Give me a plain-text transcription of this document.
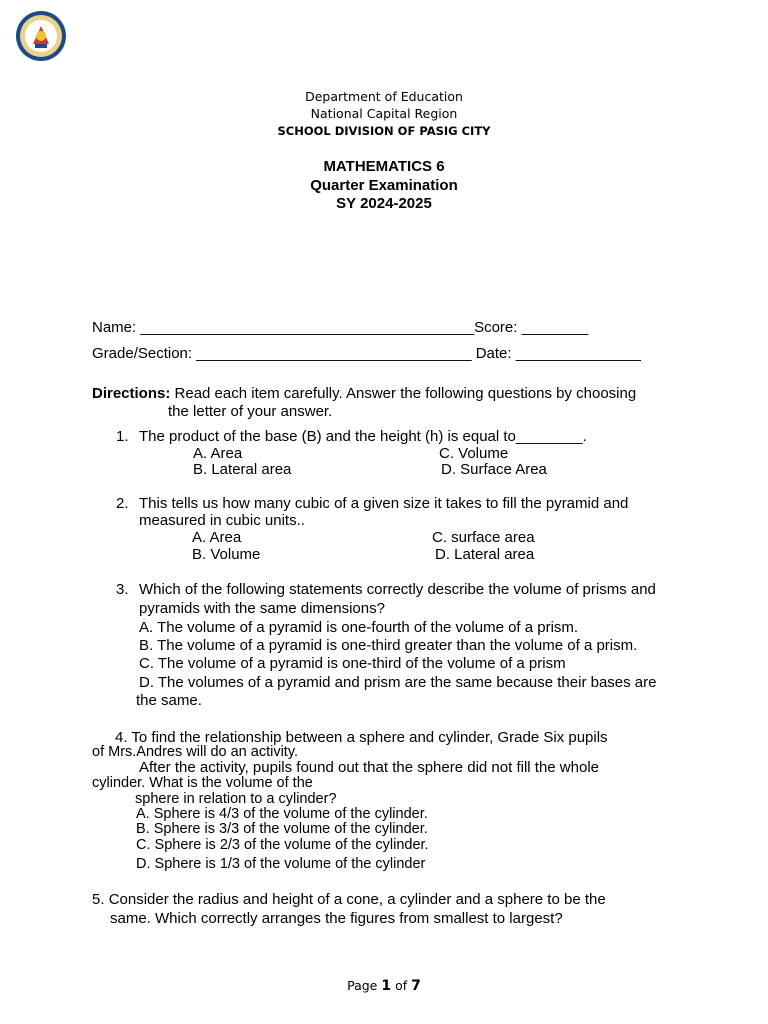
Department of Education
National Capital Region
SCHOOL DIVISION OF PASIG CITY
MATHEMATICS 6
Quarter Examination
SY 2024-2025
Name: ________________________________________Score: ________
Grade/Section: _________________________________ Date: _______________
Directions: Read each item carefully. Answer the following questions by choosing
the letter of your answer.
1. The product of the base (B) and the height (h) is equal to________.
A. Area
B. Lateral area
C. Volume
D. Surface Area
2. This tells us how many cubic of a given size it takes to fill the pyramid and
measured in cubic units..
A. Area
B. Volume
C. surface area
D. Lateral area
3. Which of the following statements correctly describe the volume of prisms and
pyramids with the same dimensions?
A. The volume of a pyramid is one-fourth of the volume of a prism.
B. The volume of a pyramid is one-third greater than the volume of a prism.
C. The volume of a pyramid is one-third of the volume of a prism
D. The volumes of a pyramid and prism are the same because their bases are
the same.
4. To find the relationship between a sphere and cylinder, Grade Six pupils
of Mrs.Andres will do an activity.
After the activity, pupils found out that the sphere did not fill the whole
cylinder. What is the volume of the
sphere in relation to a cylinder?
A. Sphere is 4/3 of the volume of the cylinder.
B. Sphere is 3/3 of the volume of the cylinder.
C. Sphere is 2/3 of the volume of the cylinder.
D. Sphere is 1/3 of the volume of the cylinder
5. Consider the radius and height of a cone, a cylinder and a sphere to be the
same. Which correctly arranges the figures from smallest to largest?
Page 1 of 7
